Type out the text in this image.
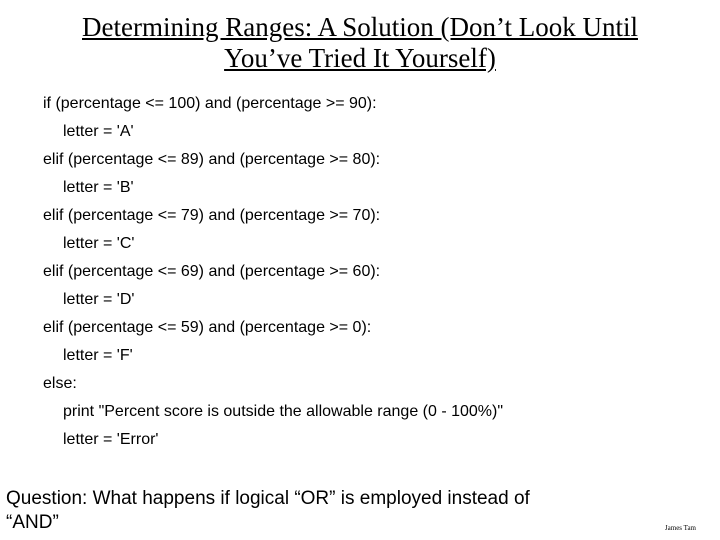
Determining Ranges: A Solution (Don’t Look Until
You’ve Tried It Yourself)
if (percentage <= 100) and (percentage >= 90):
letter = 'A'
elif (percentage <= 89) and (percentage >= 80):
letter = 'B'
elif (percentage <= 79) and (percentage >= 70):
letter = 'C'
elif (percentage <= 69) and (percentage >= 60):
letter = 'D'
elif (percentage <= 59) and (percentage >= 0):
letter = 'F'
else:
print "Percent score is outside the allowable range (0 - 100%)"
letter = 'Error'
Question: What happens if logical “OR” is employed instead of
“AND”	James Tam
